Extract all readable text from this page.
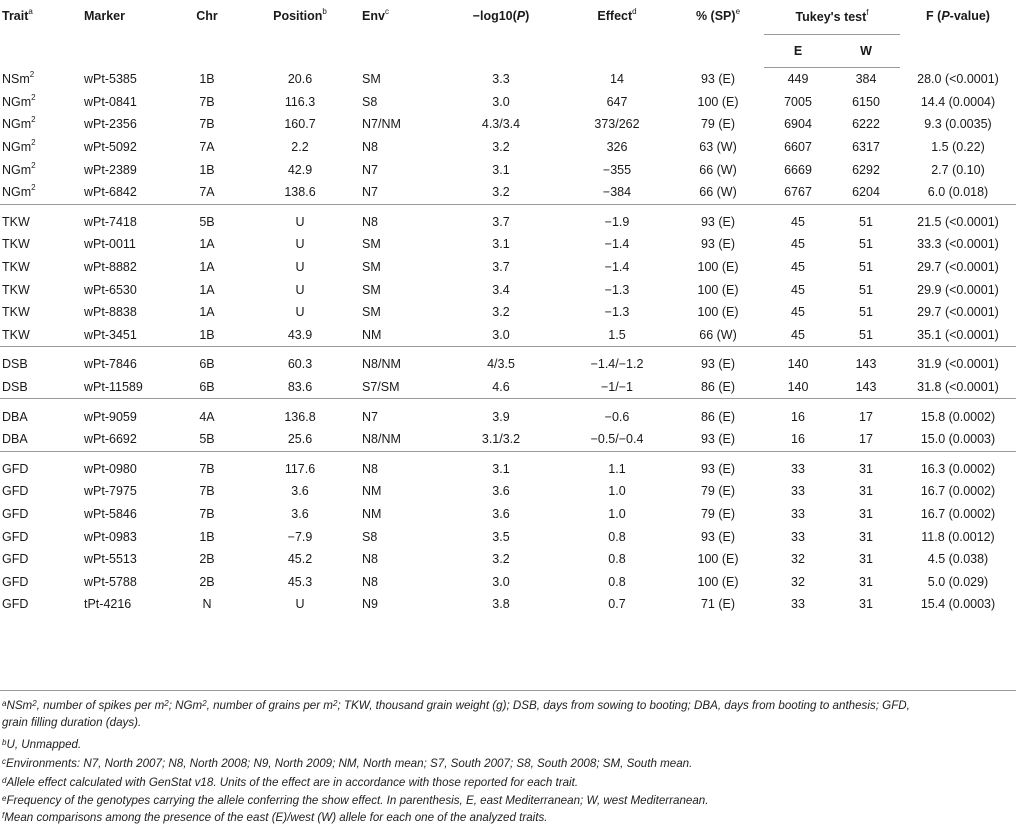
Trait$^a$	Marker	Chr	Position$^b$	Env$^c$	−log10(P)	Effect$^d$	% (SP)$^e$	Tukey's test$^f$		F (P-value)
								E	W	
NSm$^2$	wPt-5385	1B	20.6	SM	3.3	14	93 (E)	449	384	28.0 (<0.0001)
NGm$^2$	wPt-0841	7B	116.3	S8	3.0	647	100 (E)	7005	6150	14.4 (0.0004)
NGm$^2$	wPt-2356	7B	160.7	N7/NM	4.3/3.4	373/262	79 (E)	6904	6222	9.3 (0.0035)
NGm$^2$	wPt-5092	7A	2.2	N8	3.2	326	63 (W)	6607	6317	1.5 (0.22)
NGm$^2$	wPt-2389	1B	42.9	N7	3.1	−355	66 (W)	6669	6292	2.7 (0.10)
NGm$^2$	wPt-6842	7A	138.6	N7	3.2	−384	66 (W)	6767	6204	6.0 (0.018)
TKW	wPt-7418	5B	U	N8	3.7	−1.9	93 (E)	45	51	21.5 (<0.0001)
TKW	wPt-0011	1A	U	SM	3.1	−1.4	93 (E)	45	51	33.3 (<0.0001)
TKW	wPt-8882	1A	U	SM	3.7	−1.4	100 (E)	45	51	29.7 (<0.0001)
TKW	wPt-6530	1A	U	SM	3.4	−1.3	100 (E)	45	51	29.9 (<0.0001)
TKW	wPt-8838	1A	U	SM	3.2	−1.3	100 (E)	45	51	29.7 (<0.0001)
TKW	wPt-3451	1B	43.9	NM	3.0	1.5	66 (W)	45	51	35.1 (<0.0001)
DSB	wPt-7846	6B	60.3	N8/NM	4/3.5	−1.4/−1.2	93 (E)	140	143	31.9 (<0.0001)
DSB	wPt-11589	6B	83.6	S7/SM	4.6	−1/−1	86 (E)	140	143	31.8 (<0.0001)
DBA	wPt-9059	4A	136.8	N7	3.9	−0.6	86 (E)	16	17	15.8 (0.0002)
DBA	wPt-6692	5B	25.6	N8/NM	3.1/3.2	−0.5/−0.4	93 (E)	16	17	15.0 (0.0003)
GFD	wPt-0980	7B	117.6	N8	3.1	1.1	93 (E)	33	31	16.3 (0.0002)
GFD	wPt-7975	7B	3.6	NM	3.6	1.0	79 (E)	33	31	16.7 (0.0002)
GFD	wPt-5846	7B	3.6	NM	3.6	1.0	79 (E)	33	31	16.7 (0.0002)
GFD	wPt-0983	1B	−7.9	S8	3.5	0.8	93 (E)	33	31	11.8 (0.0012)
GFD	wPt-5513	2B	45.2	N8	3.2	0.8	100 (E)	32	31	4.5 (0.038)
GFD	wPt-5788	2B	45.3	N8	3.0	0.8	100 (E)	32	31	5.0 (0.029)
GFD	tPt-4216	N	U	N9	3.8	0.7	71 (E)	33	31	15.4 (0.0003)
$^a$NSm$^2$, number of spikes per $m^2$; NGm$^2$, number of grains per $m^2$; TKW, thousand grain weight (g); DSB, days from sowing to booting; DBA, days from booting to anthesis; GFD,
grain filling duration (days).
$^b$U, Unmapped.
$^c$Environments: N7, North 2007; N8, North 2008; N9, North 2009; NM, North mean; S7, South 2007; S8, South 2008; SM, South mean.
$^d$Allele effect calculated with GenStat v18. Units of the effect are in accordance with those reported for each trait.
$^e$Frequency of the genotypes carrying the allele conferring the show effect. In parenthesis, E, east Mediterranean; W, west Mediterranean.
$^f$Mean comparisons among the presence of the east (E)/west (W) allele for each one of the analyzed traits.
